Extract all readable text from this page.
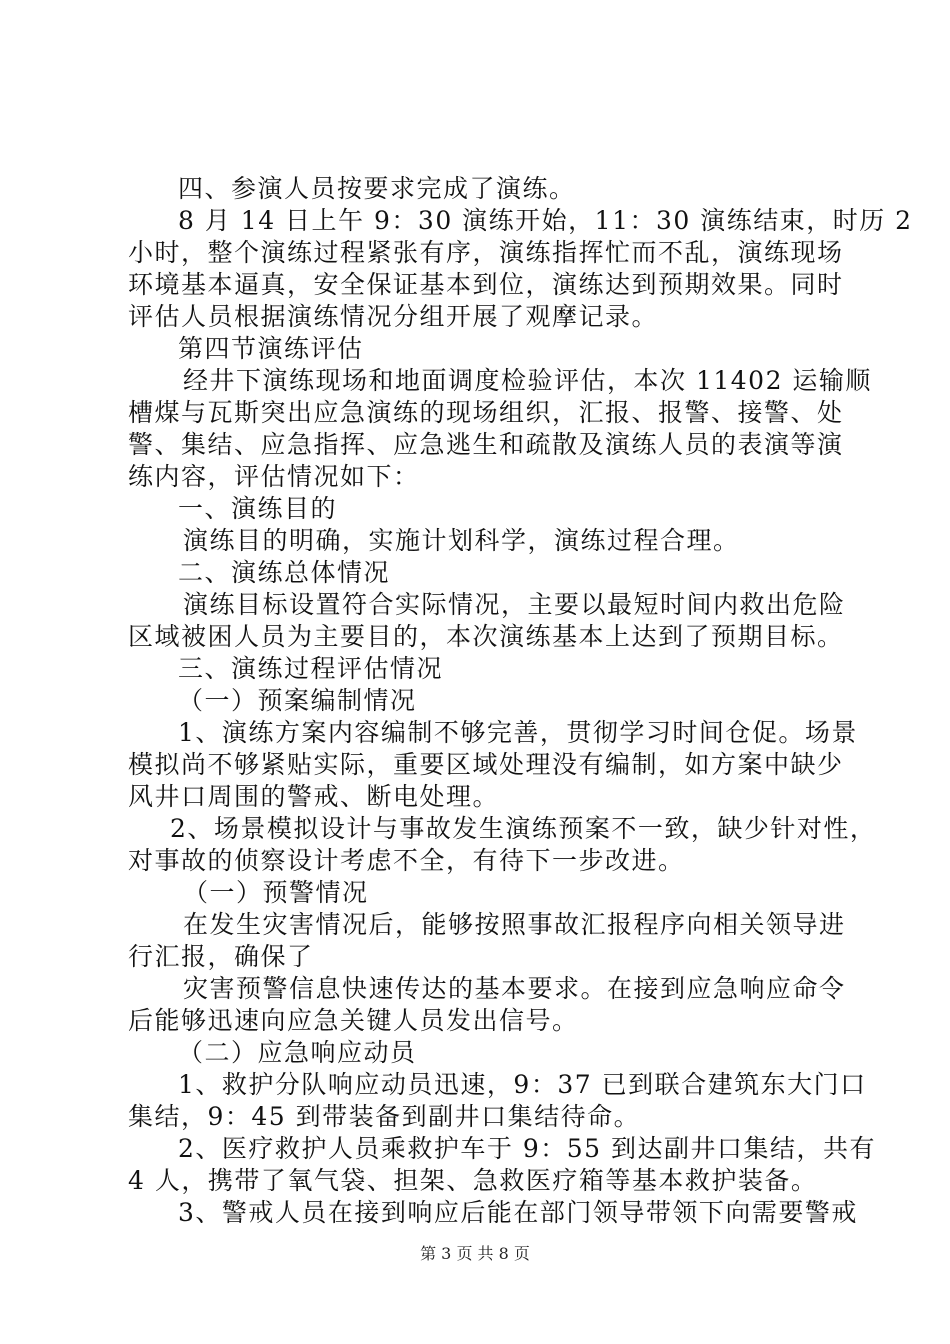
四、参演人员按要求完成了演练。
8 月 14 日上午 9：30 演练开始，11：30 演练结束，时历 2
小时，整个演练过程紧张有序，演练指挥忙而不乱，演练现场
环境基本逼真，安全保证基本到位，演练达到预期效果。同时
评估人员根据演练情况分组开展了观摩记录。
第四节演练评估
经井下演练现场和地面调度检验评估，本次 11402 运输顺
槽煤与瓦斯突出应急演练的现场组织，汇报、报警、接警、处
警、集结、应急指挥、应急逃生和疏散及演练人员的表演等演
练内容，评估情况如下：
一、演练目的
演练目的明确，实施计划科学，演练过程合理。
二、演练总体情况
演练目标设置符合实际情况，主要以最短时间内救出危险
区域被困人员为主要目的，本次演练基本上达到了预期目标。
三、演练过程评估情况
（一）预案编制情况
1、演练方案内容编制不够完善，贯彻学习时间仓促。场景
模拟尚不够紧贴实际，重要区域处理没有编制，如方案中缺少
风井口周围的警戒、断电处理。
2、场景模拟设计与事故发生演练预案不一致，缺少针对性，
对事故的侦察设计考虑不全，有待下一步改进。
（一）预警情况
在发生灾害情况后，能够按照事故汇报程序向相关领导进
行汇报，确保了
灾害预警信息快速传达的基本要求。在接到应急响应命令
后能够迅速向应急关键人员发出信号。
（二）应急响应动员
1、救护分队响应动员迅速，9：37 已到联合建筑东大门口
集结，9：45 到带装备到副井口集结待命。
2、医疗救护人员乘救护车于 9：55 到达副井口集结，共有
4 人，携带了氧气袋、担架、急救医疗箱等基本救护装备。
3、警戒人员在接到响应后能在部门领导带领下向需要警戒
第 3 页 共 8 页
